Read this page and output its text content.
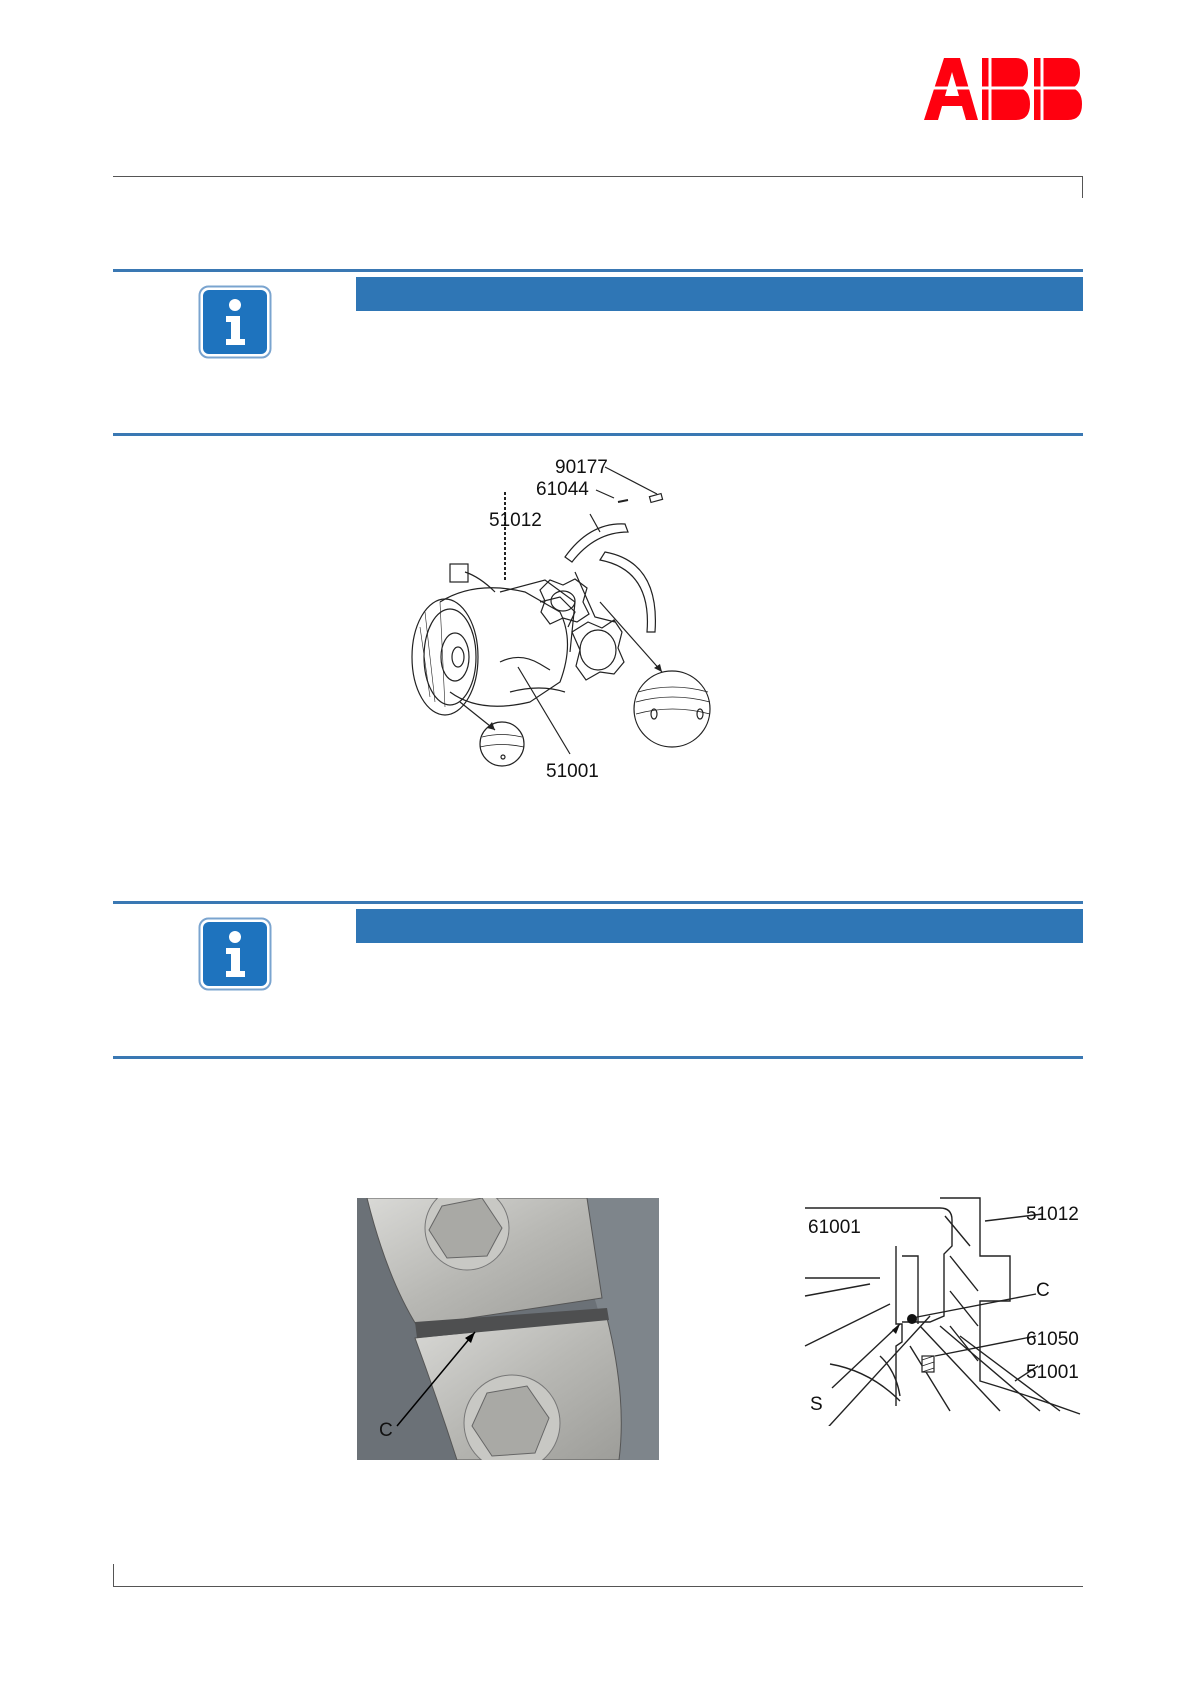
90177
61044
51012
51001
C
61001
51012
C
61050
51001
S
